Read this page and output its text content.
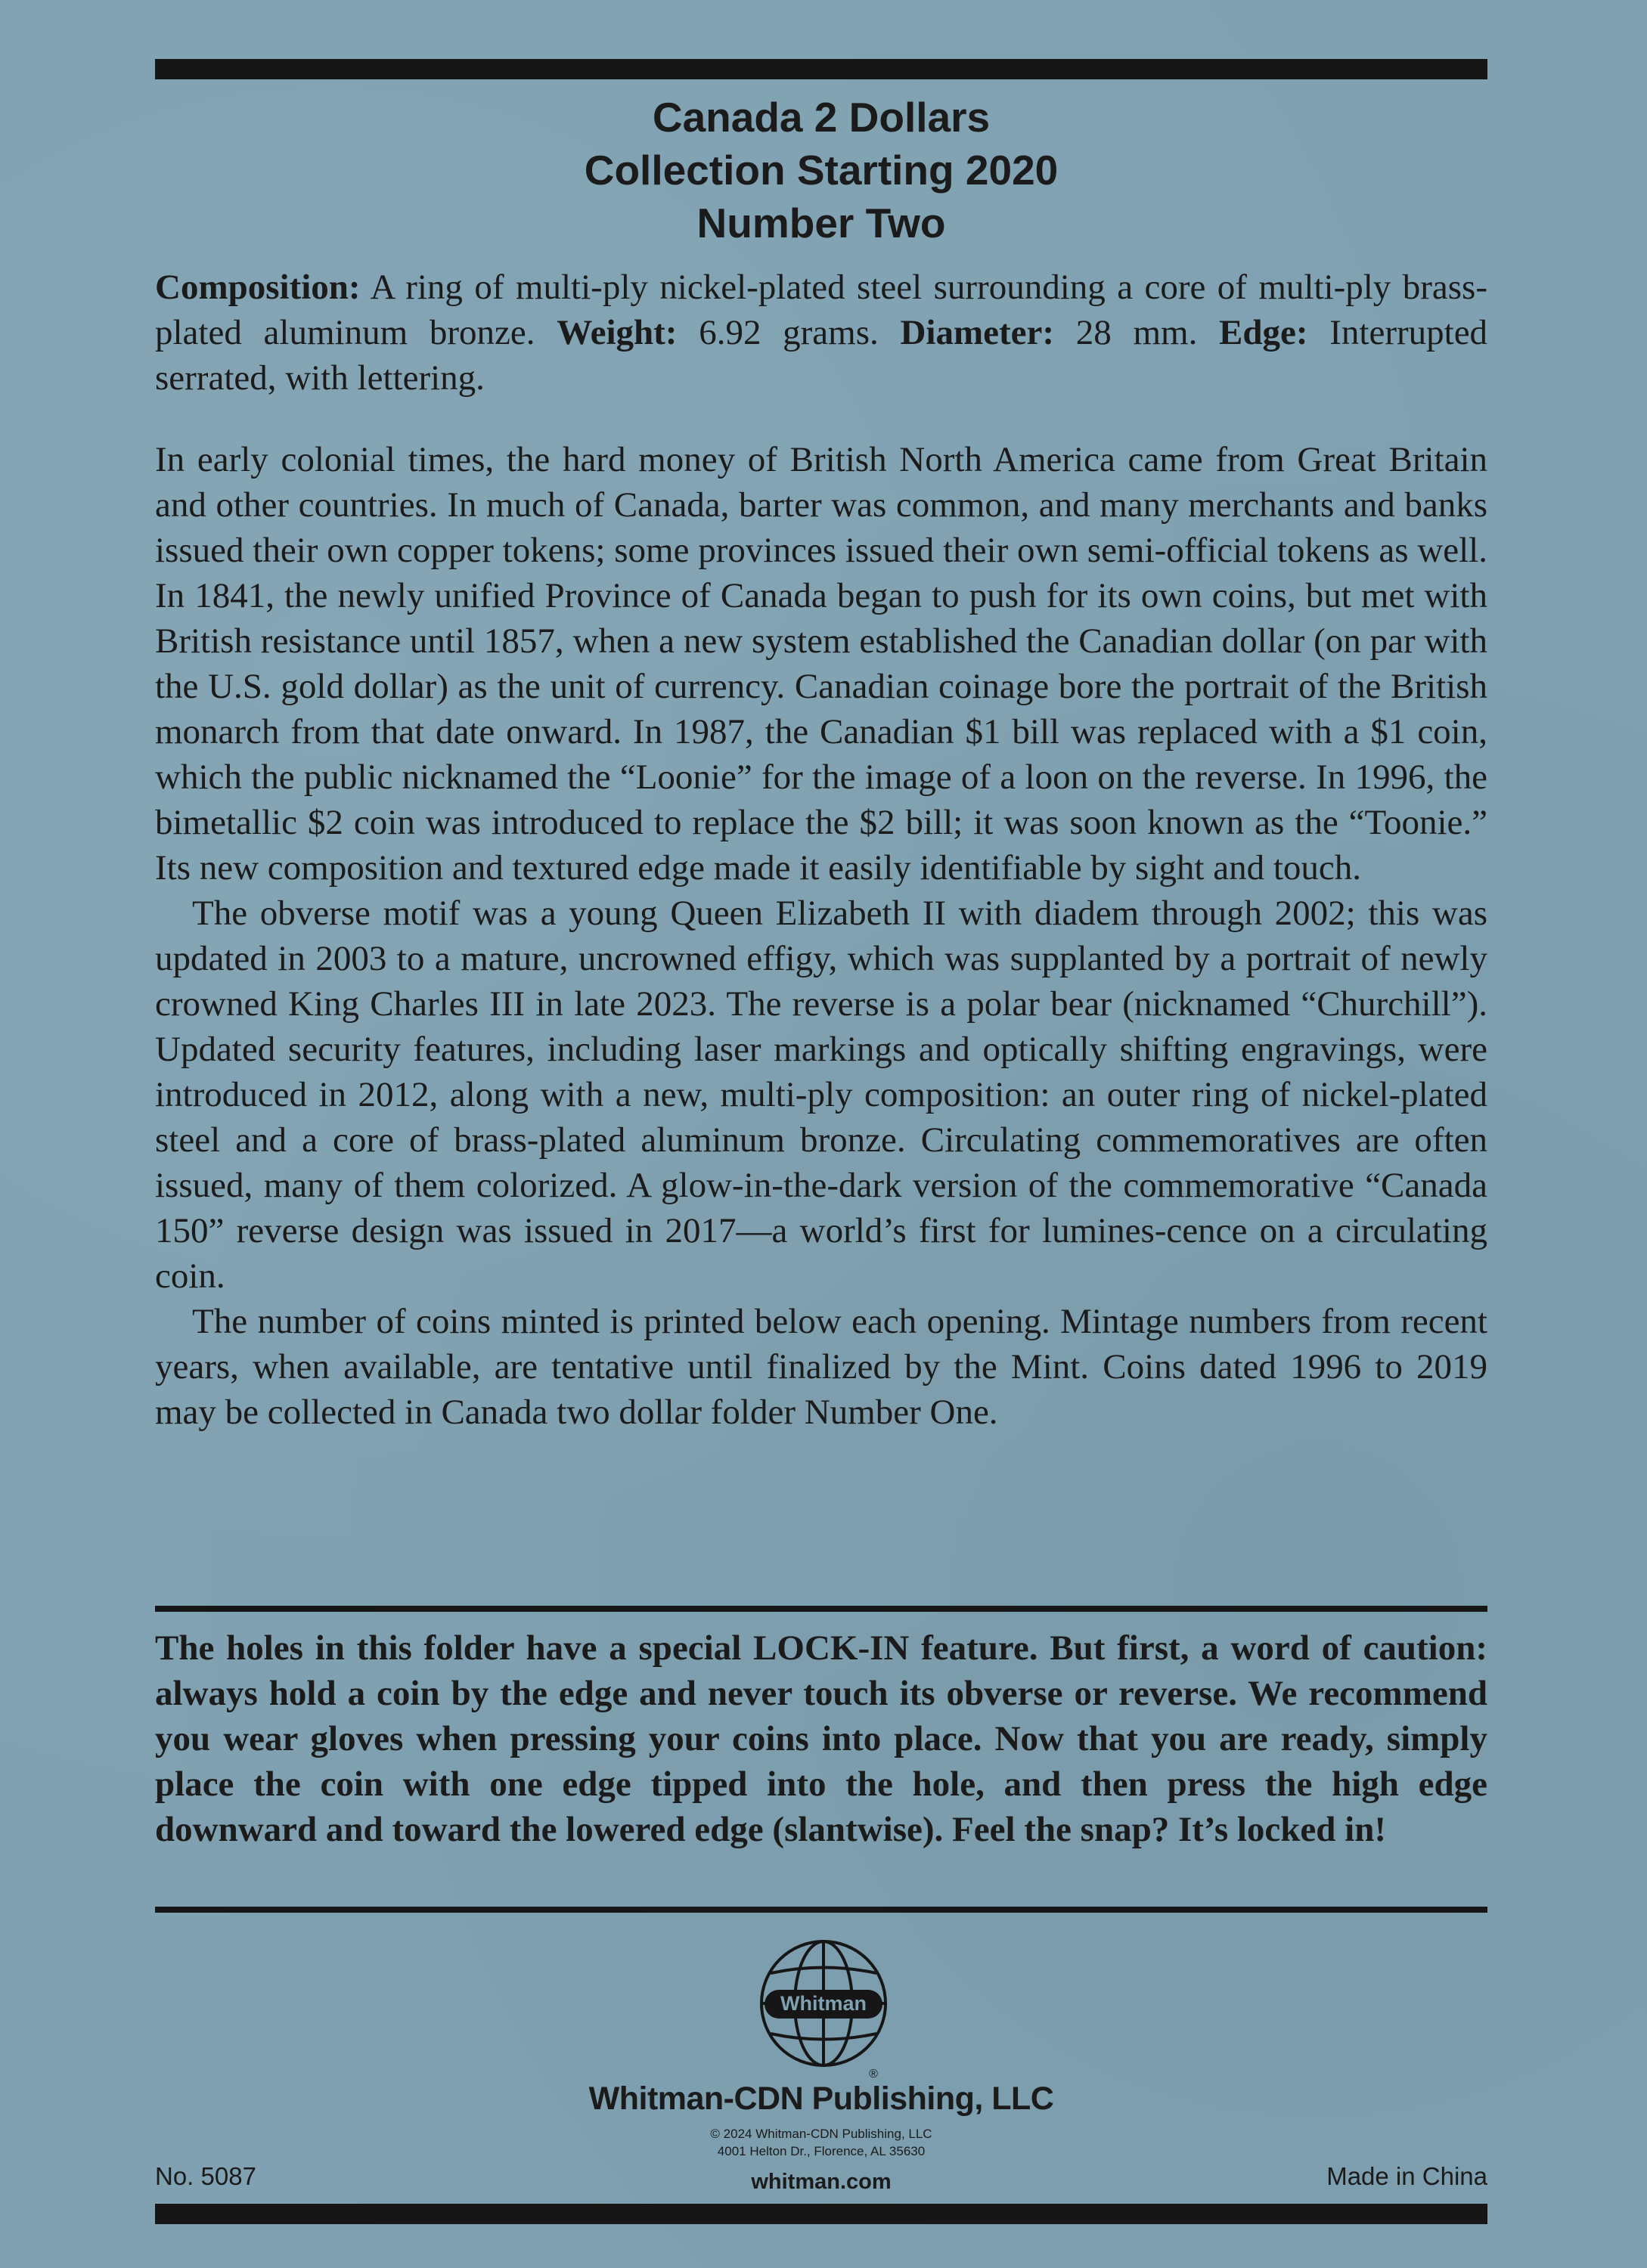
Canada 2 Dollars
Collection Starting 2020
Number Two

Composition: A ring of multi-ply nickel-plated steel surrounding a core of multi-ply brass-plated aluminum bronze. Weight: 6.92 grams. Diameter: 28 mm. Edge: Interrupted serrated, with lettering.

In early colonial times, the hard money of British North America came from Great Britain and other countries. In much of Canada, barter was common, and many merchants and banks issued their own copper tokens; some provinces issued their own semi-official tokens as well. In 1841, the newly unified Province of Canada began to push for its own coins, but met with British resistance until 1857, when a new system established the Canadian dollar (on par with the U.S. gold dollar) as the unit of currency. Canadian coinage bore the portrait of the British monarch from that date onward. In 1987, the Canadian $1 bill was replaced with a $1 coin, which the public nicknamed the “Loonie” for the image of a loon on the reverse. In 1996, the bimetallic $2 coin was introduced to replace the $2 bill; it was soon known as the “Toonie.” Its new composition and textured edge made it easily identifiable by sight and touch.

The obverse motif was a young Queen Elizabeth II with diadem through 2002; this was updated in 2003 to a mature, uncrowned effigy, which was supplanted by a portrait of newly crowned King Charles III in late 2023. The reverse is a polar bear (nicknamed “Churchill”). Updated security features, including laser markings and optically shifting engravings, were introduced in 2012, along with a new, multi-ply composition: an outer ring of nickel-plated steel and a core of brass-plated aluminum bronze. Circulating commemoratives are often issued, many of them colorized. A glow-in-the-dark version of the commemorative “Canada 150” reverse design was issued in 2017—a world’s first for lumines-cence on a circulating coin.

The number of coins minted is printed below each opening. Mintage numbers from recent years, when available, are tentative until finalized by the Mint. Coins dated 1996 to 2019 may be collected in Canada two dollar folder Number One.

The holes in this folder have a special LOCK-IN feature. But first, a word of caution: always hold a coin by the edge and never touch its obverse or reverse. We recommend you wear gloves when pressing your coins into place. Now that you are ready, simply place the coin with one edge tipped into the hole, and then press the high edge downward and toward the lowered edge (slantwise). Feel the snap? It’s locked in!
Whitman
®
Whitman-CDN Publishing, LLC
© 2024 Whitman-CDN Publishing, LLC
4001 Helton Dr., Florence, AL 35630
whitman.com
No. 5087	Made in China
